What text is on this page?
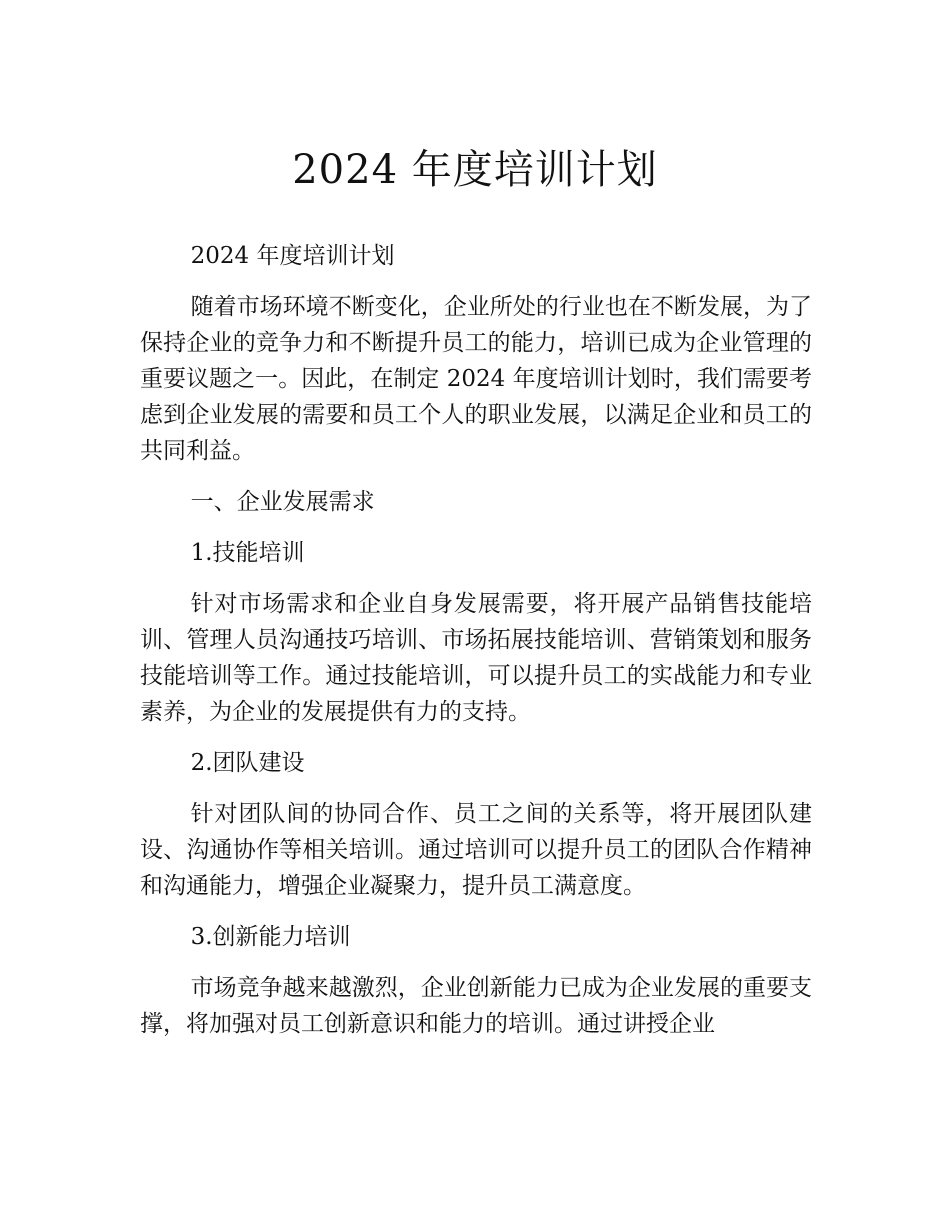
2024 年度培训计划

2024 年度培训计划

随着市场环境不断变化，企业所处的行业也在不断发展，为了保持企业的竞争力和不断提升员工的能力，培训已成为企业管理的重要议题之一。因此，在制定 2024 年度培训计划时，我们需要考虑到企业发展的需要和员工个人的职业发展，以满足企业和员工的共同利益。

一、企业发展需求

1.技能培训

针对市场需求和企业自身发展需要，将开展产品销售技能培训、管理人员沟通技巧培训、市场拓展技能培训、营销策划和服务技能培训等工作。通过技能培训，可以提升员工的实战能力和专业素养，为企业的发展提供有力的支持。

2.团队建设

针对团队间的协同合作、员工之间的关系等，将开展团队建设、沟通协作等相关培训。通过培训可以提升员工的团队合作精神和沟通能力，增强企业凝聚力，提升员工满意度。

3.创新能力培训

市场竞争越来越激烈，企业创新能力已成为企业发展的重要支撑，将加强对员工创新意识和能力的培训。通过讲授企业
